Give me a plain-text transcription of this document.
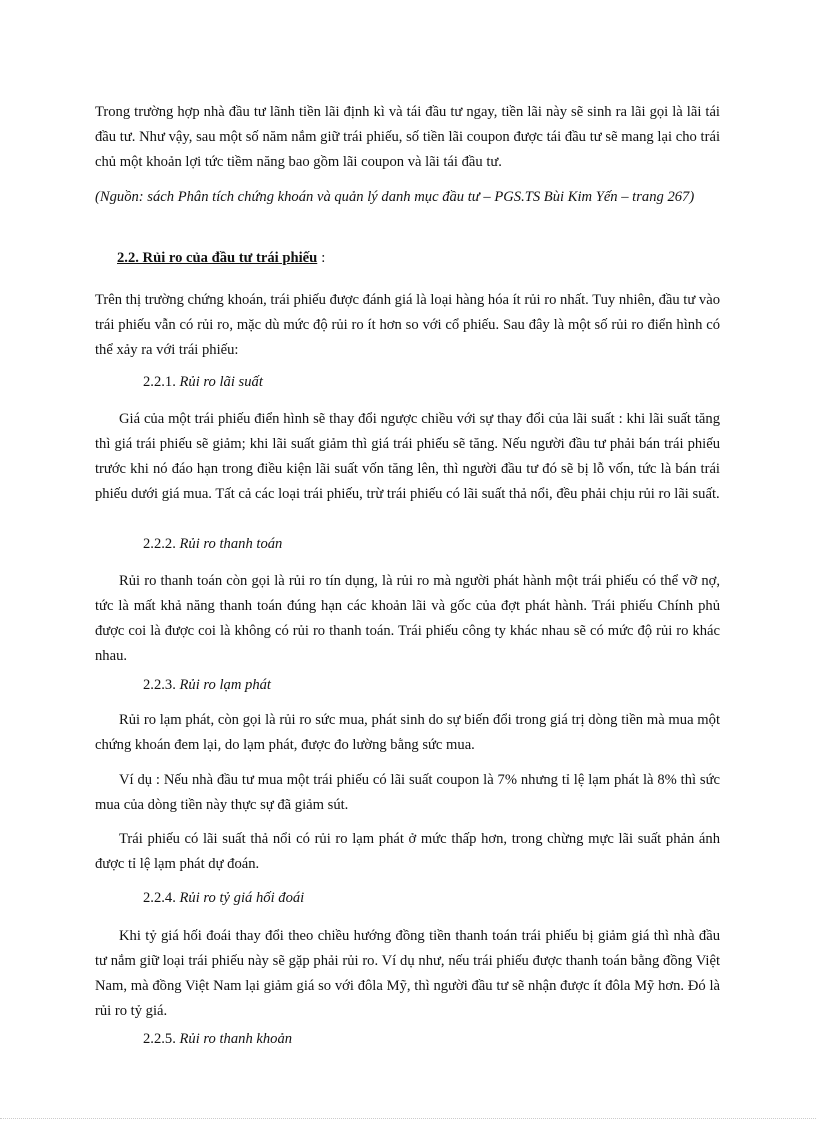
Trong trường hợp nhà đầu tư lãnh tiền lãi định kì và tái đầu tư ngay, tiền lãi này sẽ sinh ra lãi gọi là lãi tái đầu tư. Như vậy, sau một số năm nắm giữ trái phiếu, số tiền lãi coupon được tái đầu tư sẽ mang lại cho trái chủ một khoản lợi tức tiềm năng bao gồm lãi coupon và lãi tái đầu tư.

(Nguồn: sách Phân tích chứng khoán và quản lý danh mục đầu tư – PGS.TS Bùi Kim Yến – trang 267)

2.2. Rủi ro của đầu tư trái phiếu :

Trên thị trường chứng khoán, trái phiếu được đánh giá là loại hàng hóa ít rủi ro nhất. Tuy nhiên, đầu tư vào trái phiếu vẫn có rủi ro, mặc dù mức độ rủi ro ít hơn so với cổ phiếu. Sau đây là một số rủi ro điển hình có thể xảy ra với trái phiếu:

2.2.1. Rủi ro lãi suất

Giá của một trái phiếu điển hình sẽ thay đổi ngược chiều với sự thay đổi của lãi suất : khi lãi suất tăng thì giá trái phiếu sẽ giảm; khi lãi suất giảm thì giá trái phiếu sẽ tăng. Nếu người đầu tư phải bán trái phiếu trước khi nó đáo hạn trong điều kiện lãi suất vốn tăng lên, thì người đầu tư đó sẽ bị lỗ vốn, tức là bán trái phiếu dưới giá mua. Tất cả các loại trái phiếu, trừ trái phiếu có lãi suất thả nổi, đều phải chịu rủi ro lãi suất.

2.2.2. Rủi ro thanh toán

Rủi ro thanh toán còn gọi là rủi ro tín dụng, là rủi ro mà người phát hành một trái phiếu có thể vỡ nợ, tức là mất khả năng thanh toán đúng hạn các khoản lãi và gốc của đợt phát hành. Trái phiếu Chính phủ được coi là được coi là không có rủi ro thanh toán. Trái phiếu công ty khác nhau sẽ có mức độ rủi ro khác nhau.

2.2.3. Rủi ro lạm phát

Rủi ro lạm phát, còn gọi là rủi ro sức mua, phát sinh do sự biến đổi trong giá trị dòng tiền mà mua một chứng khoán đem lại, do lạm phát, được đo lường bằng sức mua.

Ví dụ : Nếu nhà đầu tư mua một trái phiếu có lãi suất coupon là 7% nhưng tỉ lệ lạm phát là 8% thì sức mua của dòng tiền này thực sự đã giảm sút.

Trái phiếu có lãi suất thả nổi có rủi ro lạm phát ở mức thấp hơn, trong chừng mực lãi suất phản ánh được tỉ lệ lạm phát dự đoán.

2.2.4. Rủi ro tỷ giá hối đoái

Khi tỷ giá hối đoái thay đổi theo chiều hướng đồng tiền thanh toán trái phiếu bị giảm giá thì nhà đầu tư nắm giữ loại trái phiếu này sẽ gặp phải rủi ro. Ví dụ như, nếu trái phiếu được thanh toán bằng đồng Việt Nam, mà đồng Việt Nam lại giảm giá so với đôla Mỹ, thì người đầu tư sẽ nhận được ít đôla Mỹ hơn. Đó là rủi ro tỷ giá.

2.2.5. Rủi ro thanh khoản
